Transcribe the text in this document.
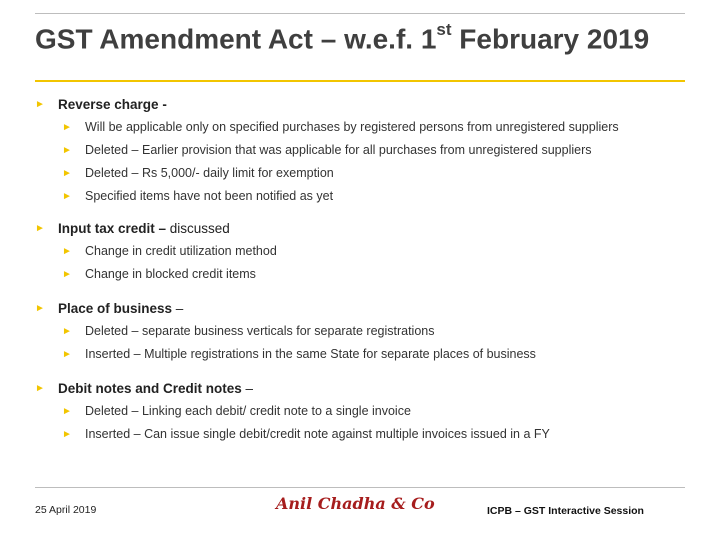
GST Amendment Act – w.e.f. 1st February 2019
► Reverse charge -
► Will be applicable only on specified purchases by registered persons from unregistered suppliers
► Deleted – Earlier provision that was applicable for all purchases from unregistered suppliers
► Deleted – Rs 5,000/- daily limit for exemption
► Specified items have not been notified as yet
► Input tax credit – discussed
► Change in credit utilization method
► Change in blocked credit items
► Place of business –
► Deleted – separate business verticals for separate registrations
► Inserted – Multiple registrations in the same State for separate places of business
► Debit notes and Credit notes –
► Deleted – Linking each debit/ credit note to a single invoice
► Inserted – Can issue single debit/credit note against multiple invoices issued in a FY
25 April 2019	Anil Chadha & Co	ICPB – GST Interactive Session
